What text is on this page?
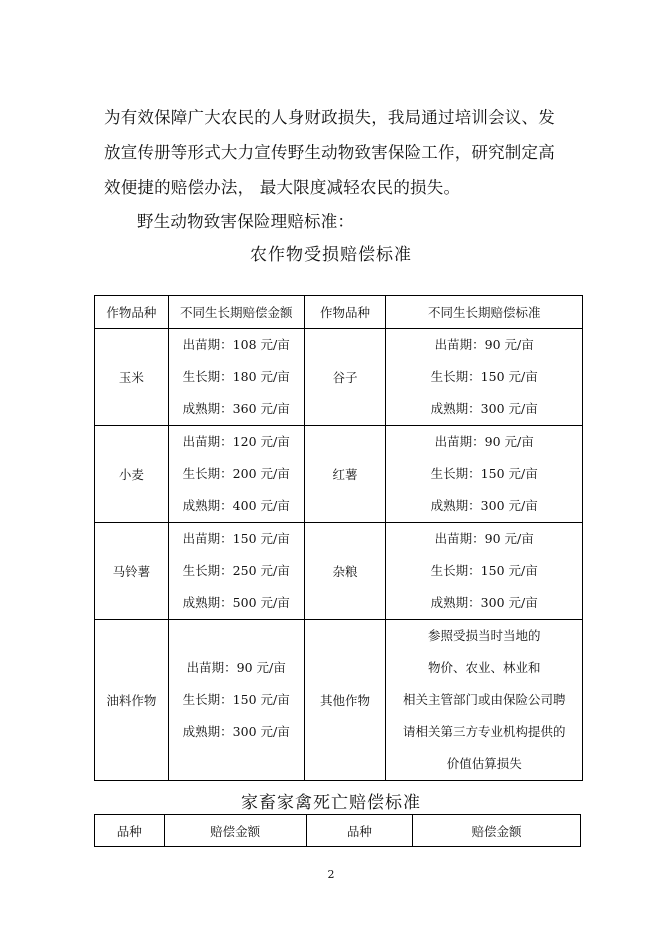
为有效保障广大农民的人身财政损失，我局通过培训会议、发
放宣传册等形式大力宣传野生动物致害保险工作，研究制定高
效便捷的赔偿办法， 最大限度减轻农民的损失。
野生动物致害保险理赔标准：
农作物受损赔偿标准
作物品种	不同生长期赔偿金额	作物品种	不同生长期赔偿标准
玉米	出苗期：108 元/亩
生长期：180 元/亩
成熟期：360 元/亩	谷子	出苗期：90 元/亩
生长期：150 元/亩
成熟期：300 元/亩

小麦	出苗期：120 元/亩
生长期：200 元/亩
成熟期：400 元/亩	红薯	出苗期：90 元/亩
生长期：150 元/亩
成熟期：300 元/亩

马铃薯	出苗期：150 元/亩
生长期：250 元/亩
成熟期：500 元/亩	杂粮	出苗期：90 元/亩
生长期：150 元/亩
成熟期：300 元/亩

油料作物	出苗期：90 元/亩
生长期：150 元/亩
成熟期：300 元/亩	其他作物	参照受损当时当地的
物价、农业、林业和
相关主管部门或由保险公司聘
请相关第三方专业机构提供的
价值估算损失
家畜家禽死亡赔偿标准
品种	赔偿金额	品种	赔偿金额
2
